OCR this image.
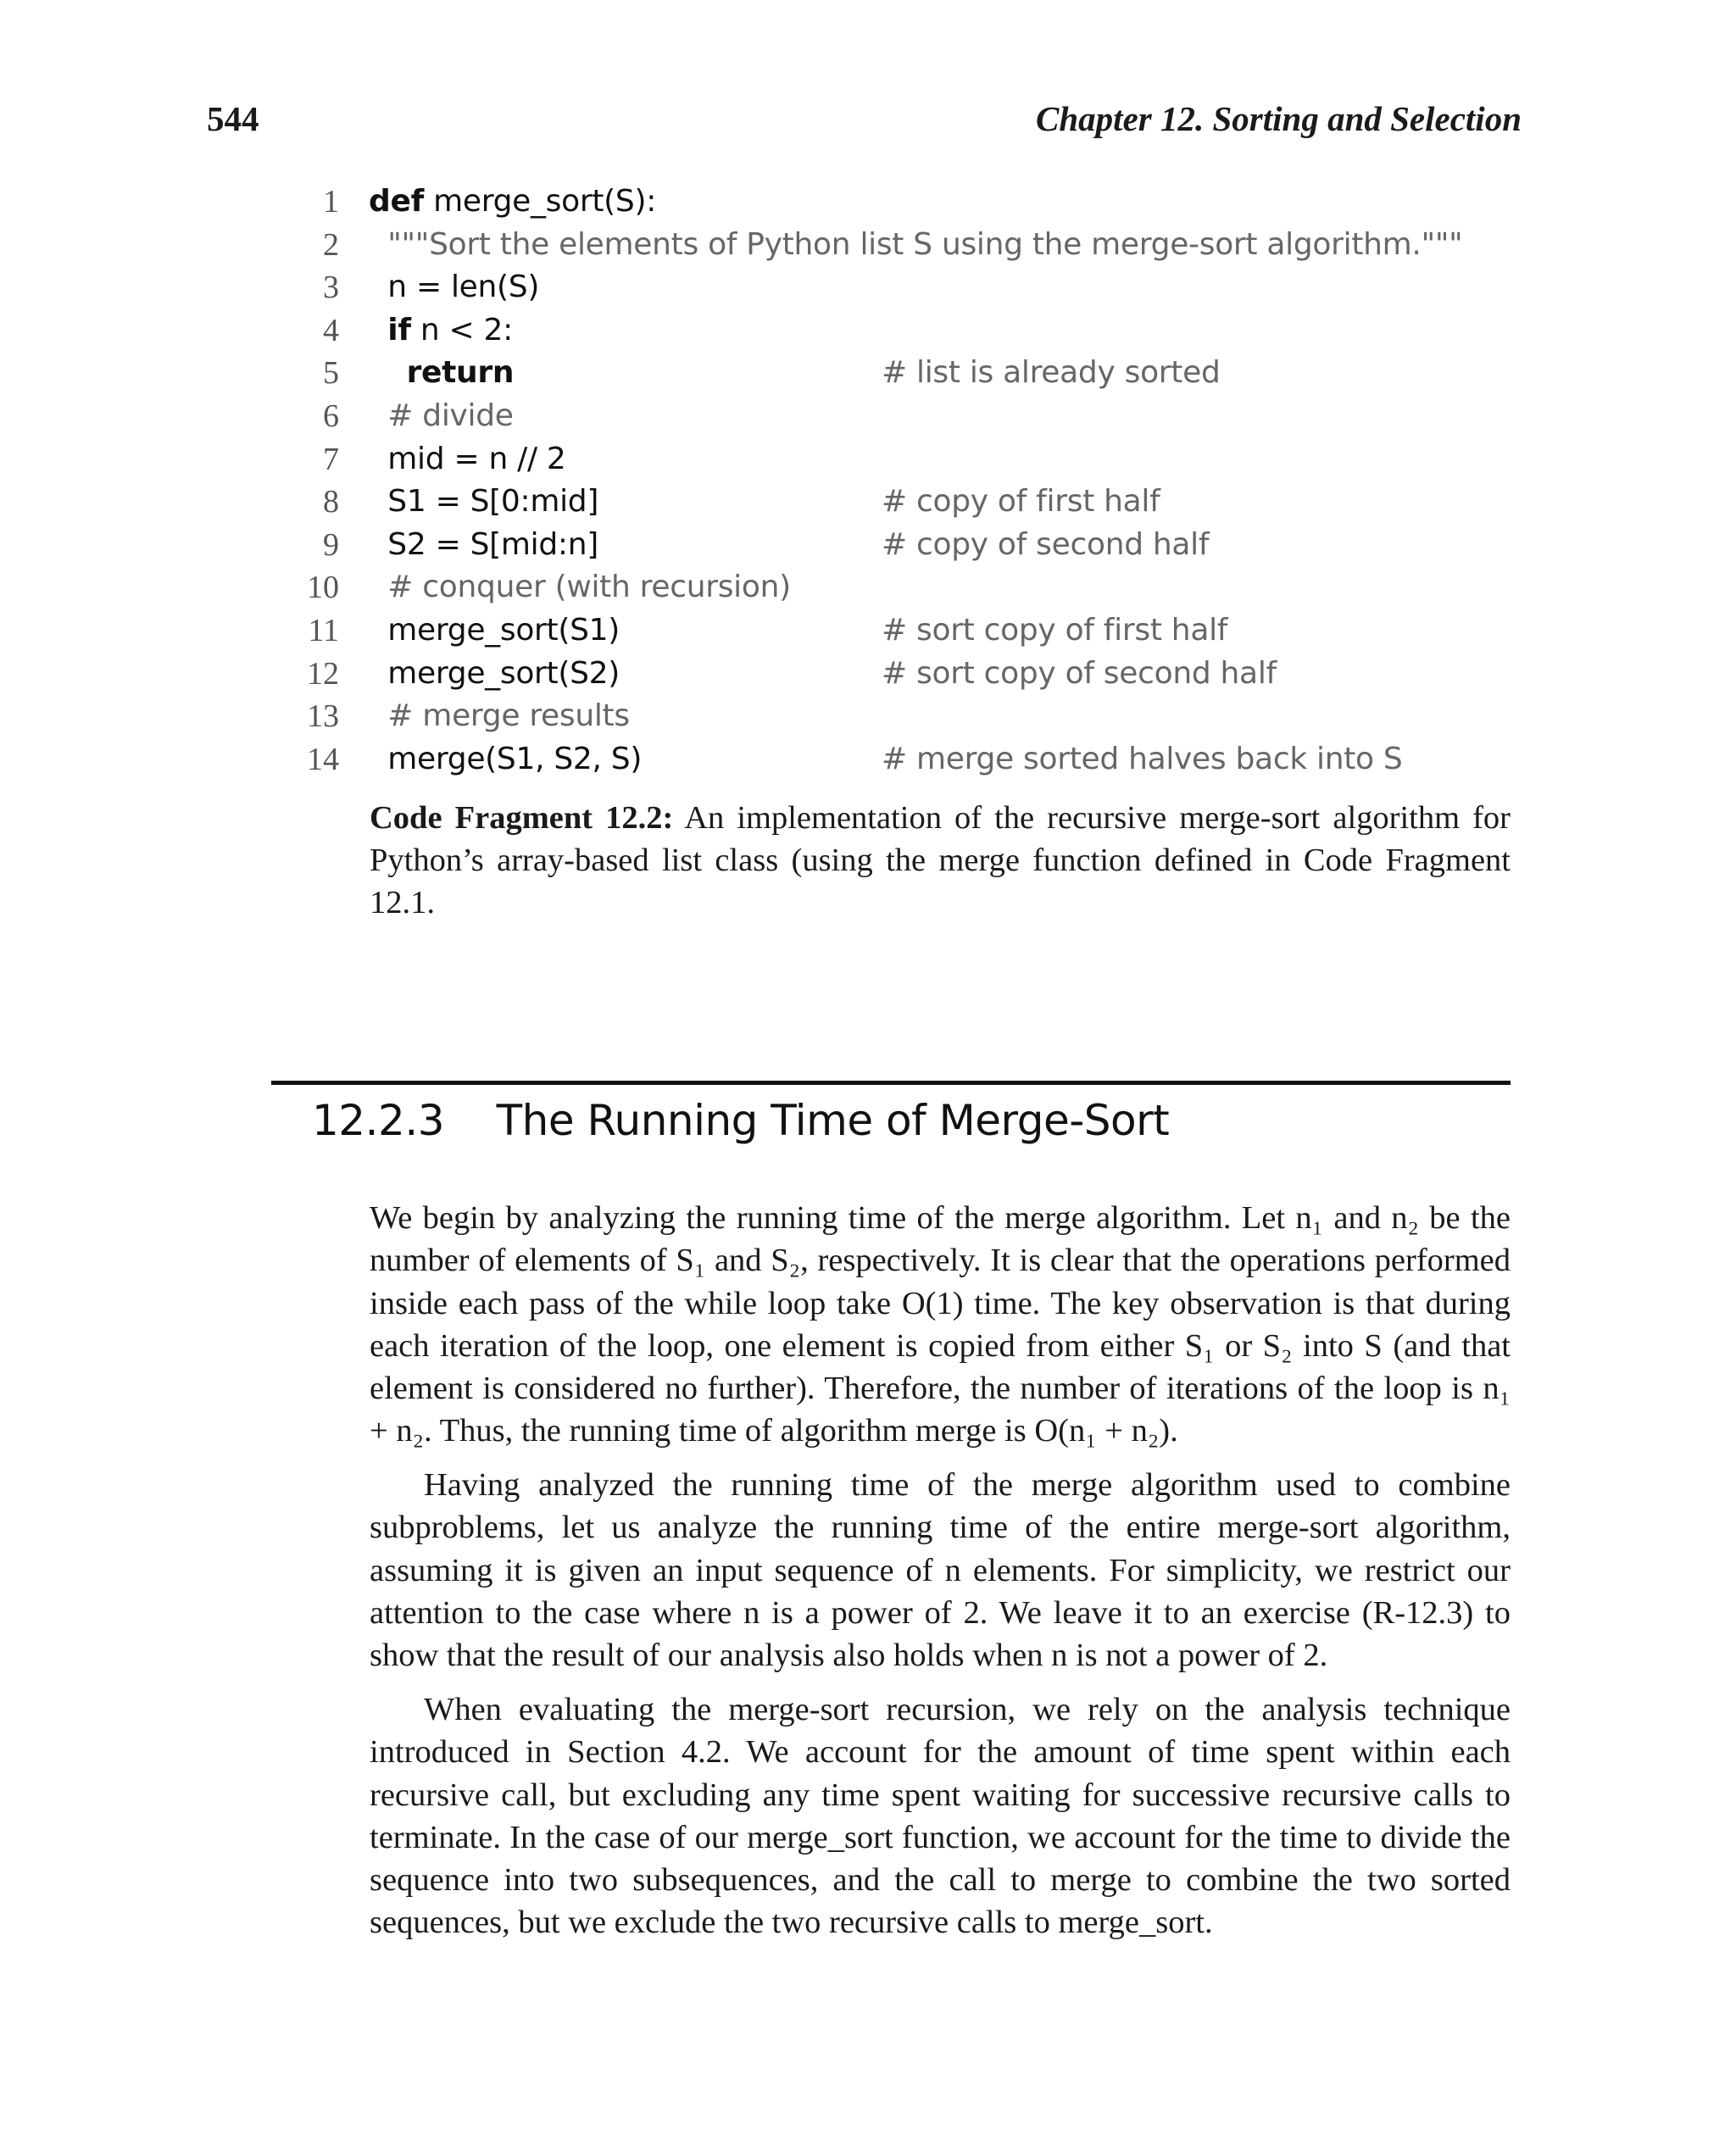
544	Chapter 12. Sorting and Selection
1 def merge_sort(S):
2 """Sort the elements of Python list S using the merge-sort algorithm."""
3 n = len(S)
4	if n < 2:
5	return	# list is already sorted
6 # divide
7 mid = n // 2
8 S1 = S[0:mid]	# copy of first half
9 S2 = S[mid:n]	# copy of second half
10 # conquer (with recursion)
11 merge_sort(S1)	# sort copy of first half
12 merge_sort(S2)	# sort copy of second half
13 # merge results
14 merge(S1, S2, S)	# merge sorted halves back into S
Code Fragment 12.2: An implementation of the recursive merge-sort algorithm for Python’s array-based list class (using the merge function defined in Code Fragment 12.1.
12.2.3 The Running Time of Merge-Sort

We begin by analyzing the running time of the merge algorithm. Let n₁ and n₂ be the number of elements of S₁ and S₂, respectively. It is clear that the operations performed inside each pass of the while loop take O(1) time. The key observation is that during each iteration of the loop, one element is copied from either S₁ or S₂ into S (and that element is considered no further). Therefore, the number of iterations of the loop is n₁ + n₂. Thus, the running time of algorithm merge is O(n₁ + n₂).

Having analyzed the running time of the merge algorithm used to combine subproblems, let us analyze the running time of the entire merge-sort algorithm, assuming it is given an input sequence of n elements. For simplicity, we restrict our attention to the case where n is a power of 2. We leave it to an exercise (R-12.3) to show that the result of our analysis also holds when n is not a power of 2.

When evaluating the merge-sort recursion, we rely on the analysis technique introduced in Section 4.2. We account for the amount of time spent within each recursive call, but excluding any time spent waiting for successive recursive calls to terminate. In the case of our merge_sort function, we account for the time to divide the sequence into two subsequences, and the call to merge to combine the two sorted sequences, but we exclude the two recursive calls to merge_sort.
